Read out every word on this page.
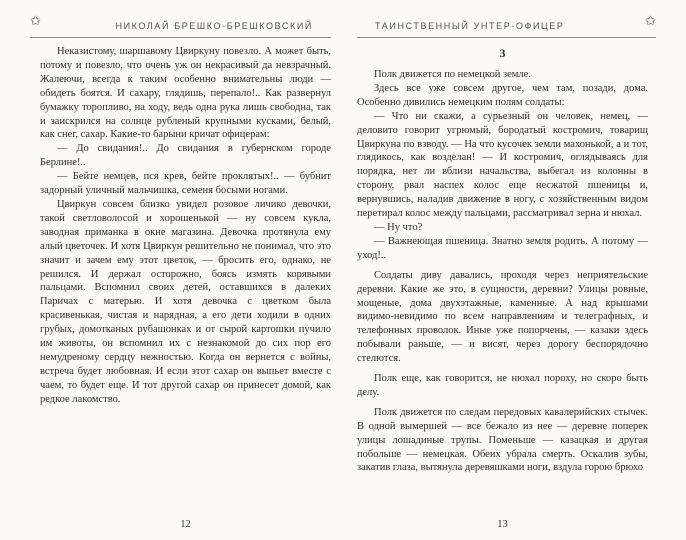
✩	НИКОЛАЙ БРЕШКО-БРЕШКОВСКИЙ

Неказистому, шаршавому Цвиркуну повезло. А может быть, потому и повезло, что очень уж он некрасивый да невзрачный. Жалеючи, всегда к таким особенно внимательны люди — обидеть боятся. И сахару, глядишь, перепало!.. Как развернул бумажку торопливо, на ходу, ведь одна рука лишь свободна, так и заискрился на солнце рубленый крупными кусками, белый, как снег, сахар. Какие-то барыни кричат офицерам:

— До свидания!.. До свидания в губернском городе Берлине!..

— Бейте немцев, пся крев, бейте проклятых!.. — бубнит задорный уличный мальчишка, семеня босыми ногами.

Цвиркун совсем близко увидел розовое личико девочки, такой светловолосой и хорошенькой — ну совсем кукла, заводная приманка в окне магазина. Девочка протянула ему алый цветочек. И хотя Цвиркун решительно не понимал, что это значит и зачем ему этот цветок, — бросить его, однако, не решился. И держал осторожно, боясь измять корявыми пальцами. Вспомнил своих детей, оставшихся в далеких Паричах с матерью. И хотя девочка с цветком была красивенькая, чистая и нарядная, а его дети ходили в одних грубых, домотканых рубашонках и от сырой картошки пучило им животы, он вспомнил их с незнакомой до сих пор его немудреному сердцу нежностью. Когда он вернется с войны, встреча будет любовная. И если этот сахар он выпьет вместе с чаем, то будет еще. И тот другой сахар он принесет домой, как редкое лакомство.

12
ТАИНСТВЕННЫЙ УНТЕР-ОФИЦЕР	✩
3

Полк движется по немецкой земле.

Здесь все уже совсем другое, чем там, позади, дома. Особенно дивились немецким полям солдаты:

— Что ни скажи, а сурьезный он человек, немец, — деловито говорит угрюмый, бородатый костромич, товарищ Цвиркуна по взводу. — На что кусочек земли махонькой, а и тот, глядикось, как возделан! — И костромич, оглядываясь для порядка, нет ли вблизи начальства, выбегал из колонны в сторону, рвал наспех колос еще несжатой пшеницы и, вернувшись, наладив движение в ногу, с хозяйственным видом перетирал колос между пальцами, рассматривал зерна и нюхал.

— Ну что?

— Важнеющая пшеница. Знатно земля родить. А потому — уход!..

Солдаты диву давались, проходя через неприятельские деревни. Какие же это, в сущности, деревни? Улицы ровные, мощеные, дома двухэтажные, каменные. А над крышами видимо-невидимо по всем направлениям и телеграфных, и телефонных проволок. Иные уже попорчены, — казаки здесь побывали раньше, — и висят, через дорогу беспорядочно стелются.

Полк еще, как говорится, не нюхал пороху, но скоро быть делу.

Полк движется по следам передовых кавалерийских стычек. В одной вымершей — все бежало из нее — деревне поперек улицы лошадиные трупы. Поменьше — казацкая и другая побольше — немецкая. Обеих убрала смерть. Оскалив зубы, закатив глаза, вытянула деревяшками ноги, вздула горою брюхо

13
